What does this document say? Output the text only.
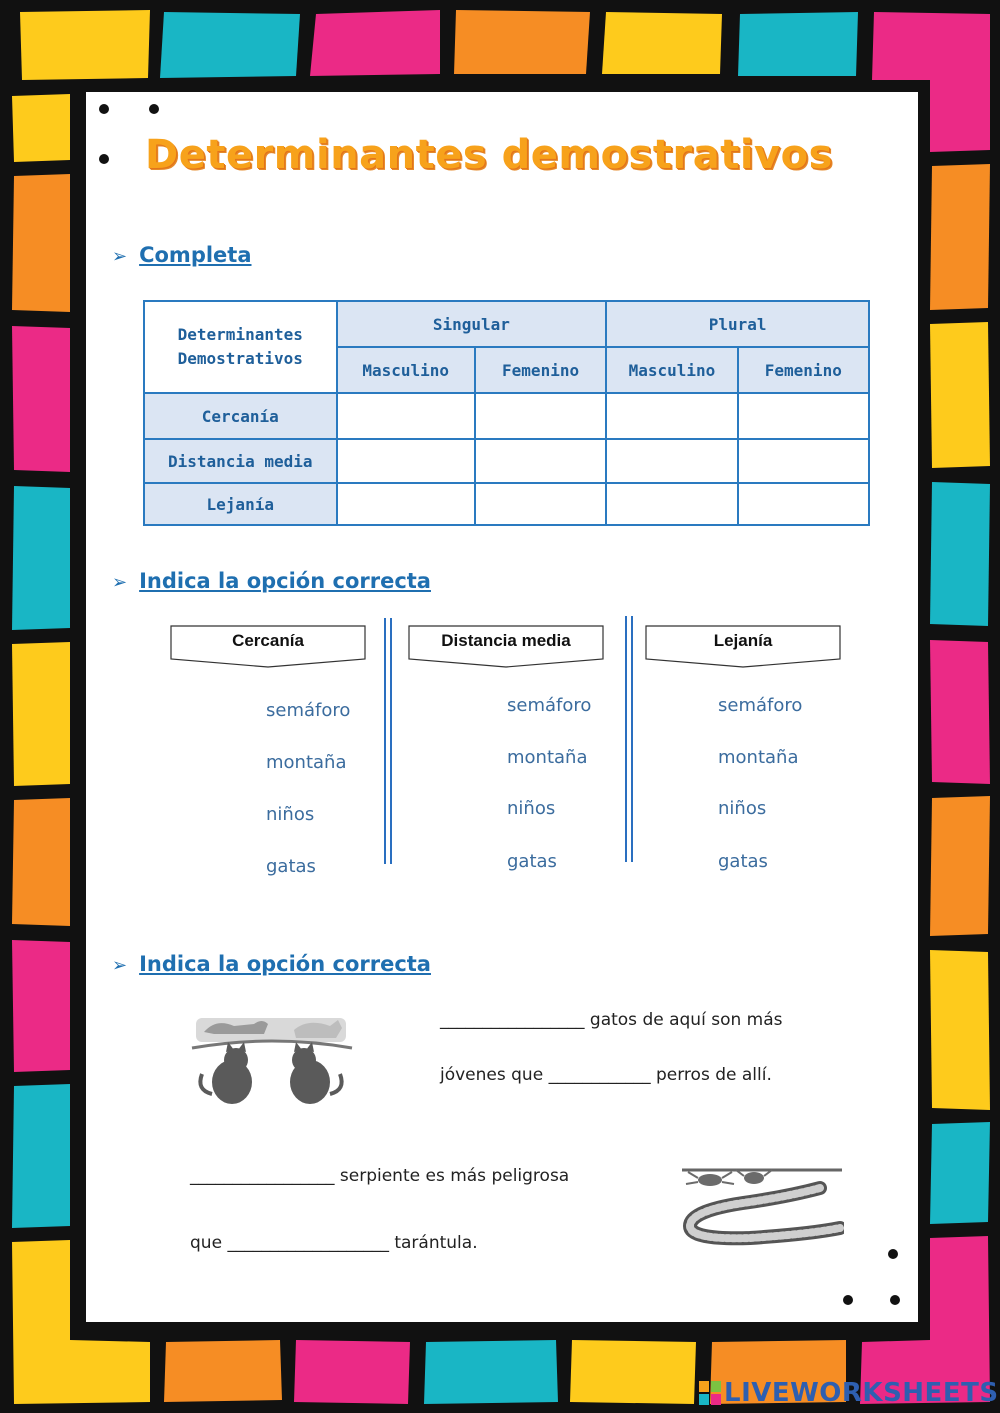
Determinantes demostrativos
➢ Completa
Determinantes
Demostrativos	Singular		Plural	
	Masculino	Femenino	Masculino	Femenino
Cercanía				
Distancia media				
Lejanía				
➢ Indica la opción correcta
Cercanía	Distancia media	Lejanía
semáforo
montaña
niños
gatas
semáforo
montaña
niños
gatas
semáforo
montaña
niños
gatas
➢ Indica la opción correcta
_________________ gatos de aquí son más
jóvenes que ____________ perros de allí.
_________________ serpiente es más peligrosa
que ___________________ tarántula.
LIVEWORKSHEETS
